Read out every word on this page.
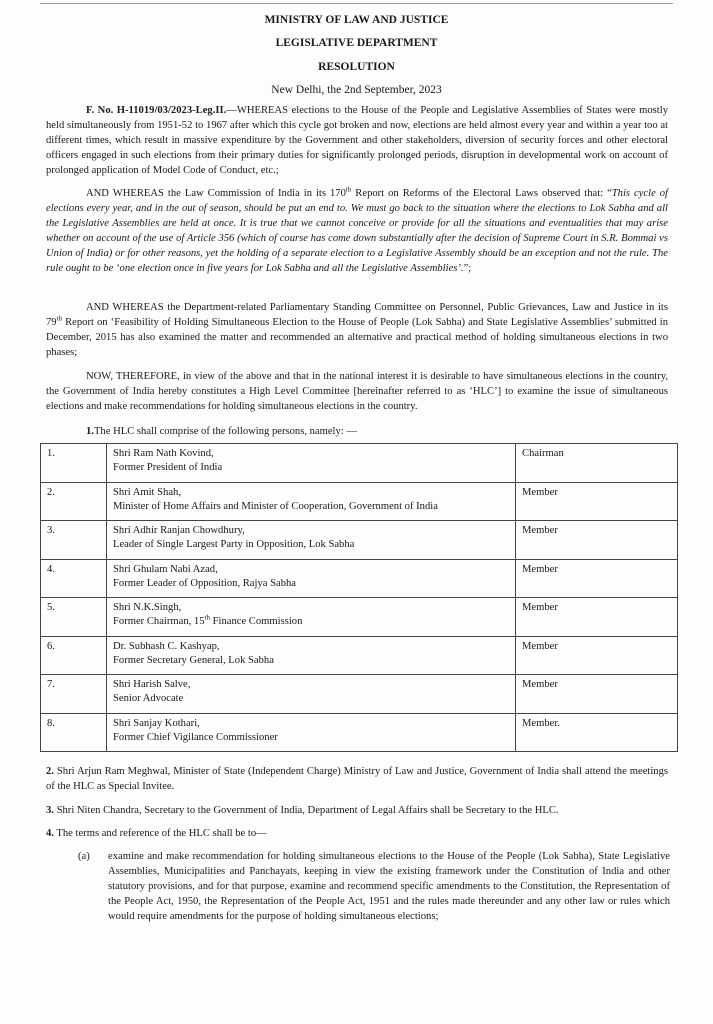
MINISTRY OF LAW AND JUSTICE
LEGISLATIVE DEPARTMENT
RESOLUTION
New Delhi, the 2nd September, 2023

F. No. H-11019/03/2023-Leg.II.—WHEREAS elections to the House of the People and Legislative Assemblies of States were mostly held simultaneously from 1951-52 to 1967 after which this cycle got broken and now, elections are held almost every year and within a year too at different times, which result in massive expenditure by the Government and other stakeholders, diversion of security forces and other electoral officers engaged in such elections from their primary duties for significantly prolonged periods, disruption in developmental work on account of prolonged application of Model Code of Conduct, etc.;

AND WHEREAS the Law Commission of India in its 170th Report on Reforms of the Electoral Laws observed that: “This cycle of elections every year, and in the out of season, should be put an end to. We must go back to the situation where the elections to Lok Sabha and all the Legislative Assemblies are held at once. It is true that we cannot conceive or provide for all the situations and eventualities that may arise whether on account of the use of Article 356 (which of course has come down substantially after the decision of Supreme Court in S.R. Bommai vs Union of India) or for other reasons, yet the holding of a separate election to a Legislative Assembly should be an exception and not the rule. The rule ought to be ‘one election once in five years for Lok Sabha and all the Legislative Assemblies’.”;

AND WHEREAS the Department-related Parliamentary Standing Committee on Personnel, Public Grievances, Law and Justice in its 79th Report on ‘Feasibility of Holding Simultaneous Election to the House of People (Lok Sabha) and State Legislative Assemblies’ submitted in December, 2015 has also examined the matter and recommended an alternative and practical method of holding simultaneous elections in two phases;

NOW, THEREFORE, in view of the above and that in the national interest it is desirable to have simultaneous elections in the country, the Government of India hereby constitutes a High Level Committee [hereinafter referred to as ‘HLC’] to examine the issue of simultaneous elections and make recommendations for holding simultaneous elections in the country.

1.The HLC shall comprise of the following persons, namely: —

1.	Shri Ram Nath Kovind,
Former President of India	Chairman
2.	Shri Amit Shah,
Minister of Home Affairs and Minister of Cooperation, Government of India	Member
3.	Shri Adhir Ranjan Chowdhury,
Leader of Single Largest Party in Opposition, Lok Sabha	Member
4.	Shri Ghulam Nabi Azad,
Former Leader of Opposition, Rajya Sabha	Member
5.	Shri N.K.Singh,
Former Chairman, 15th Finance Commission	Member
6.	Dr. Subhash C. Kashyap,
Former Secretary General, Lok Sabha	Member
7.	Shri Harish Salve,
Senior Advocate	Member
8.	Shri Sanjay Kothari,
Former Chief Vigilance Commissioner	Member.

2. Shri Arjun Ram Meghwal, Minister of State (Independent Charge) Ministry of Law and Justice, Government of India shall attend the meetings of the HLC as Special Invitee.

3. Shri Niten Chandra, Secretary to the Government of India, Department of Legal Affairs shall be Secretary to the HLC.

4. The terms and reference of the HLC shall be to—

(a) examine and make recommendation for holding simultaneous elections to the House of the People (Lok Sabha), State Legislative Assemblies, Municipalities and Panchayats, keeping in view the existing framework under the Constitution of India and other statutory provisions, and for that purpose, examine and recommend specific amendments to the Constitution, the Representation of the People Act, 1950, the Representation of the People Act, 1951 and the rules made thereunder and any other law or rules which would require amendments for the purpose of holding simultaneous elections;
